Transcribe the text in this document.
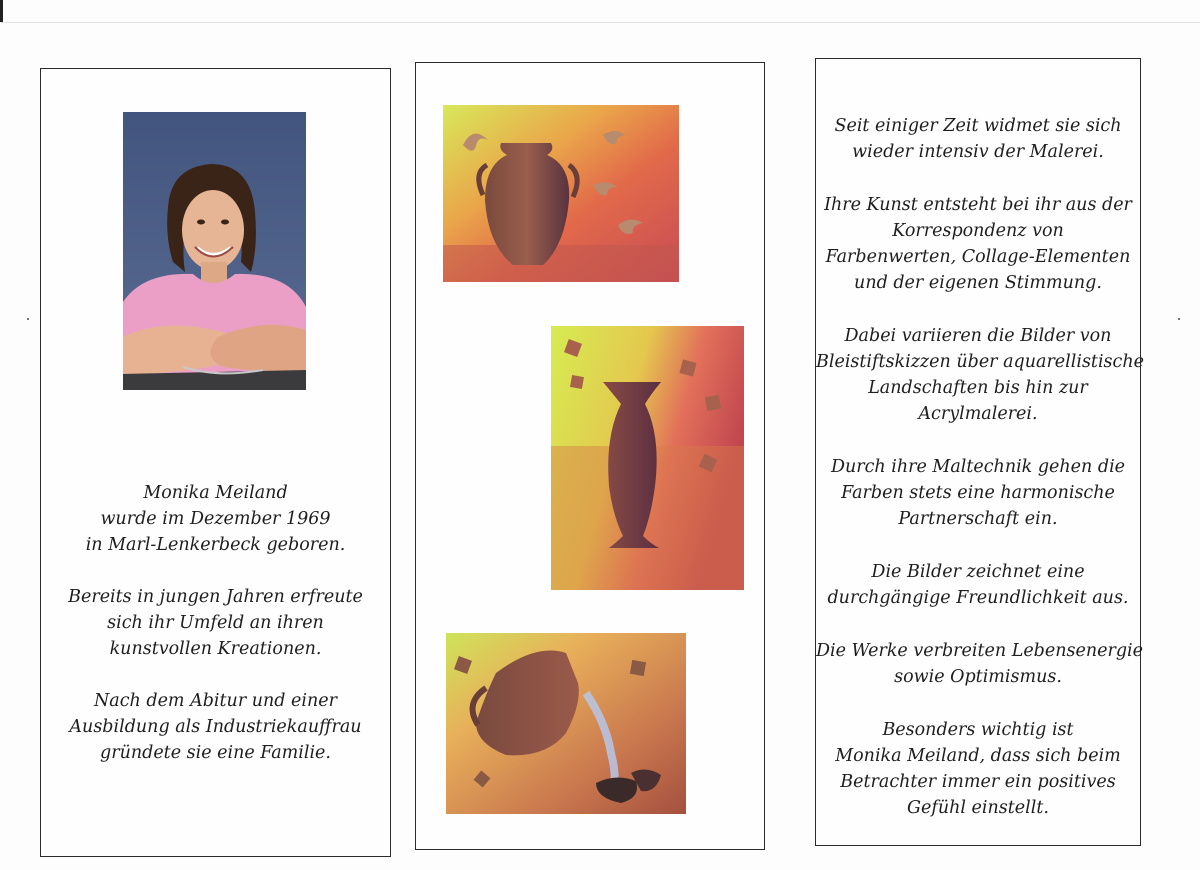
Monika Meiland

wurde im Dezember 1969

in Marl-Lenkerbeck geboren.

Bereits in jungen Jahren erfreute

sich ihr Umfeld an ihren

kunstvollen Kreationen.

Nach dem Abitur und einer

Ausbildung als Industriekauffrau

gründete sie eine Familie.

Seit einiger Zeit widmet sie sich

wieder intensiv der Malerei.

Ihre Kunst entsteht bei ihr aus der

Korrespondenz von

Farbenwerten, Collage-Elementen

und der eigenen Stimmung.

Dabei variieren die Bilder von

Bleistiftskizzen über aquarellistische

Landschaften bis hin zur

Acrylmalerei.

Durch ihre Maltechnik gehen die

Farben stets eine harmonische

Partnerschaft ein.

Die Bilder zeichnet eine

durchgängige Freundlichkeit aus.

Die Werke verbreiten Lebensenergie

sowie Optimismus.

Besonders wichtig ist

Monika Meiland, dass sich beim

Betrachter immer ein positives

Gefühl einstellt.
